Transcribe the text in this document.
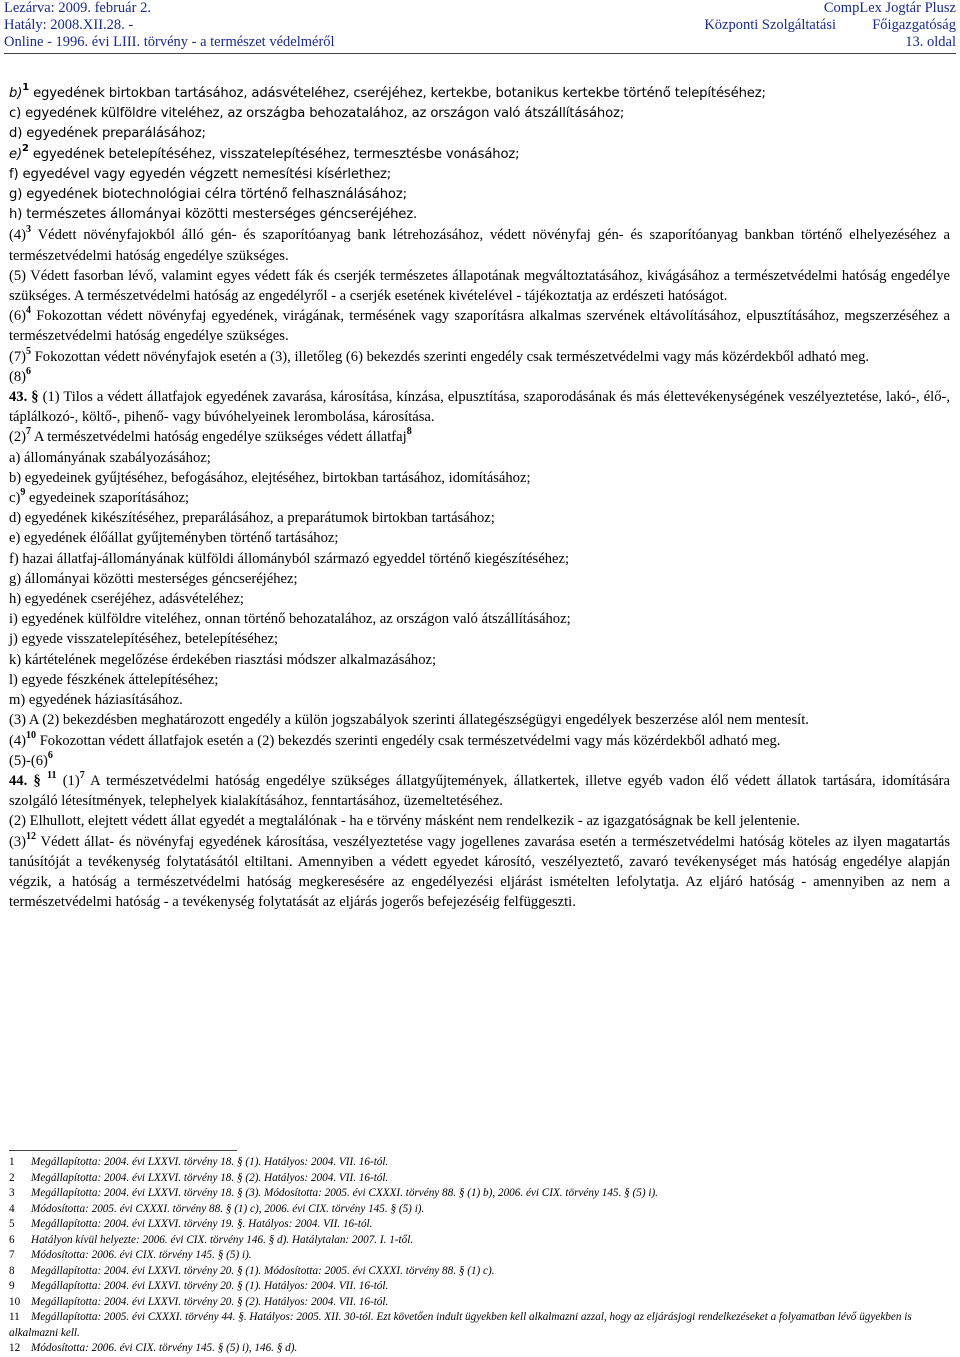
Lezárva: 2009. február 2.
Hatály: 2008.XII.28. -
Online - 1996. évi LIII. törvény - a természet védelméről
CompLex Jogtár Plusz
Központi Szolgáltatási Főigazgatóság
13. oldal

b)$^1$ egyedének birtokban tartásához, adásvételéhez, cseréjéhez, kertekbe, botanikus kertekbe történő telepítéséhez;

c) egyedének külföldre viteléhez, az országba behozatalához, az országon való átszállításához;

d) egyedének preparálásához;

e)$^2$ egyedének betelepítéséhez, visszatelepítéséhez, termesztésbe vonásához;

f) egyedével vagy egyedén végzett nemesítési kísérlethez;

g) egyedének biotechnológiai célra történő felhasználásához;

h) természetes állományai közötti mesterséges géncseréjéhez.

$(4)^3$ Védett növényfajokból álló gén- és szaporítóanyag bank létrehozásához, védett növényfaj gén- és szaporítóanyag bankban történő elhelyezéséhez a természetvédelmi hatóság engedélye szükséges.

(5) Védett fasorban lévő, valamint egyes védett fák és cserjék természetes állapotának megváltoztatásához, kivágásához a természetvédelmi hatóság engedélye szükséges. A természetvédelmi hatóság az engedélyről - a cserjék esetének kivételével - tájékoztatja az erdészeti hatóságot.

$(6)^4$ Fokozottan védett növényfaj egyedének, virágának, termésének vagy szaporításra alkalmas szervének eltávolításához, elpusztításához, megszerzéséhez a természetvédelmi hatóság engedélye szükséges.

$(7)^5$ Fokozottan védett növényfajok esetén a (3), illetőleg (6) bekezdés szerinti engedély csak természetvédelmi vagy más közérdekből adható meg.

$(8)^6$

43. § (1) Tilos a védett állatfajok egyedének zavarása, károsítása, kínzása, elpusztítása, szaporodásának és más élettevékenységének veszélyeztetése, lakó-, élő-, táplálkozó-, költő-, pihenő- vagy búvóhelyeinek lerombolása, károsítása.

$(2)^7$ A természetvédelmi hatóság engedélye szükséges védett állatfaj$^8$

a) állományának szabályozásához;

b) egyedeinek gyűjtéséhez, befogásához, elejtéséhez, birtokban tartásához, idomításához;

c)$^9$ egyedeinek szaporításához;

d) egyedének kikészítéséhez, preparálásához, a preparátumok birtokban tartásához;

e) egyedének élőállat gyűjteményben történő tartásához;

f) hazai állatfaj-állományának külföldi állományból származó egyeddel történő kiegészítéséhez;

g) állományai közötti mesterséges géncseréjéhez;

h) egyedének cseréjéhez, adásvételéhez;

i) egyedének külföldre viteléhez, onnan történő behozatalához, az országon való átszállításához;

j) egyede visszatelepítéséhez, betelepítéséhez;

k) kártételének megelőzése érdekében riasztási módszer alkalmazásához;

l) egyede fészkének áttelepítéséhez;

m) egyedének háziasításához.

(3) A (2) bekezdésben meghatározott engedély a külön jogszabályok szerinti állategészségügyi engedélyek beszerzése alól nem mentesít.

$(4)^{10}$ Fokozottan védett állatfajok esetén a (2) bekezdés szerinti engedély csak természetvédelmi vagy más közérdekből adható meg.

$(5)-(6)^6$

44. § $^{11}$ $(1)^7$ A természetvédelmi hatóság engedélye szükséges állatgyűjtemények, állatkertek, illetve egyéb vadon élő védett állatok tartására, idomítására szolgáló létesítmények, telephelyek kialakításához, fenntartásához, üzemeltetéséhez.

(2) Elhullott, elejtett védett állat egyedét a megtalálónak - ha e törvény másként nem rendelkezik - az igazgatóságnak be kell jelentenie.

$(3)^{12}$ Védett állat- és növényfaj egyedének károsítása, veszélyeztetése vagy jogellenes zavarása esetén a természetvédelmi hatóság köteles az ilyen magatartás tanúsítóját a tevékenység folytatásától eltiltani. Amennyiben a védett egyedet károsító, veszélyeztető, zavaró tevékenységet más hatóság engedélye alapján végzik, a hatóság a természetvédelmi hatóság megkeresésére az engedélyezési eljárást ismételten lefolytatja. Az eljáró hatóság - amennyiben az nem a természetvédelmi hatóság - a tevékenység folytatását az eljárás jogerős befejezéséig felfüggeszti.

1 Megállapította: 2004. évi LXXVI. törvény 18. § (1). Hatályos: 2004. VII. 16-tól.

2 Megállapította: 2004. évi LXXVI. törvény 18. § (2). Hatályos: 2004. VII. 16-tól.

3 Megállapította: 2004. évi LXXVI. törvény 18. § (3). Módosította: 2005. évi CXXXI. törvény 88. § (1) b), 2006. évi CIX. törvény 145. § (5) i).

4 Módosította: 2005. évi CXXXI. törvény 88. § (1) c), 2006. évi CIX. törvény 145. § (5) i).

5 Megállapította: 2004. évi LXXVI. törvény 19. §. Hatályos: 2004. VII. 16-tól.

6 Hatályon kívül helyezte: 2006. évi CIX. törvény 146. § d). Hatálytalan: 2007. I. 1-től.

7 Módosította: 2006. évi CIX. törvény 145. § (5) i).

8 Megállapította: 2004. évi LXXVI. törvény 20. § (1). Módosította: 2005. évi CXXXI. törvény 88. § (1) c).

9 Megállapította: 2004. évi LXXVI. törvény 20. § (1). Hatályos: 2004. VII. 16-tól.

10 Megállapította: 2004. évi LXXVI. törvény 20. § (2). Hatályos: 2004. VII. 16-tól.

11 Megállapította: 2005. évi CXXXI. törvény 44. §. Hatályos: 2005. XII. 30-tól. Ezt követően indult ügyekben kell alkalmazni azzal, hogy az eljárásjogi rendelkezéseket a folyamatban lévő ügyekben is alkalmazni kell.

12 Módosította: 2006. évi CIX. törvény 145. § (5) i), 146. § d).
